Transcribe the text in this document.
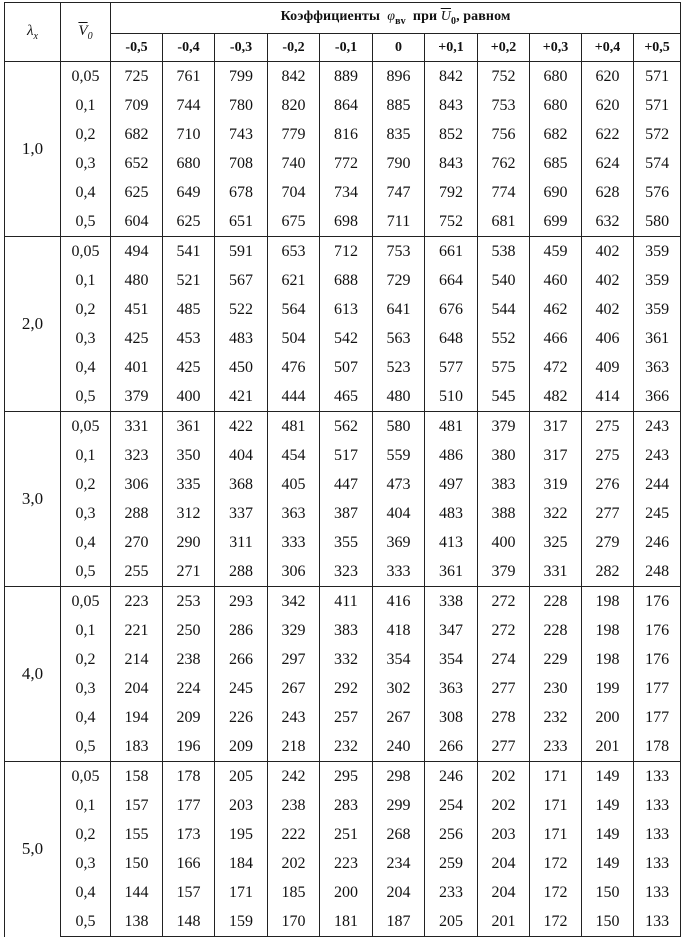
$\lambda_x$	$\overline{V}_0$	Коэффициенты $\varphi_{вv}$ при $\overline{U}_0$, равном										
		-0,5	-0,4	-0,3	-0,2	-0,1	0	+0,1	+0,2	+0,3	+0,4	+0,5
1,0	0,05	725	761	799	842	889	896	842	752	680	620	571
	0,1	709	744	780	820	864	885	843	753	680	620	571
	0,2	682	710	743	779	816	835	852	756	682	622	572
	0,3	652	680	708	740	772	790	843	762	685	624	574
	0,4	625	649	678	704	734	747	792	774	690	628	576
	0,5	604	625	651	675	698	711	752	681	699	632	580
2,0	0,05	494	541	591	653	712	753	661	538	459	402	359
	0,1	480	521	567	621	688	729	664	540	460	402	359
	0,2	451	485	522	564	613	641	676	544	462	402	359
	0,3	425	453	483	504	542	563	648	552	466	406	361
	0,4	401	425	450	476	507	523	577	575	472	409	363
	0,5	379	400	421	444	465	480	510	545	482	414	366
3,0	0,05	331	361	422	481	562	580	481	379	317	275	243
	0,1	323	350	404	454	517	559	486	380	317	275	243
	0,2	306	335	368	405	447	473	497	383	319	276	244
	0,3	288	312	337	363	387	404	483	388	322	277	245
	0,4	270	290	311	333	355	369	413	400	325	279	246
	0,5	255	271	288	306	323	333	361	379	331	282	248
4,0	0,05	223	253	293	342	411	416	338	272	228	198	176
	0,1	221	250	286	329	383	418	347	272	228	198	176
	0,2	214	238	266	297	332	354	354	274	229	198	176
	0,3	204	224	245	267	292	302	363	277	230	199	177
	0,4	194	209	226	243	257	267	308	278	232	200	177
	0,5	183	196	209	218	232	240	266	277	233	201	178
5,0	0,05	158	178	205	242	295	298	246	202	171	149	133
	0,1	157	177	203	238	283	299	254	202	171	149	133
	0,2	155	173	195	222	251	268	256	203	171	149	133
	0,3	150	166	184	202	223	234	259	204	172	149	133
	0,4	144	157	171	185	200	204	233	204	172	150	133
	0,5	138	148	159	170	181	187	205	201	172	150	133
